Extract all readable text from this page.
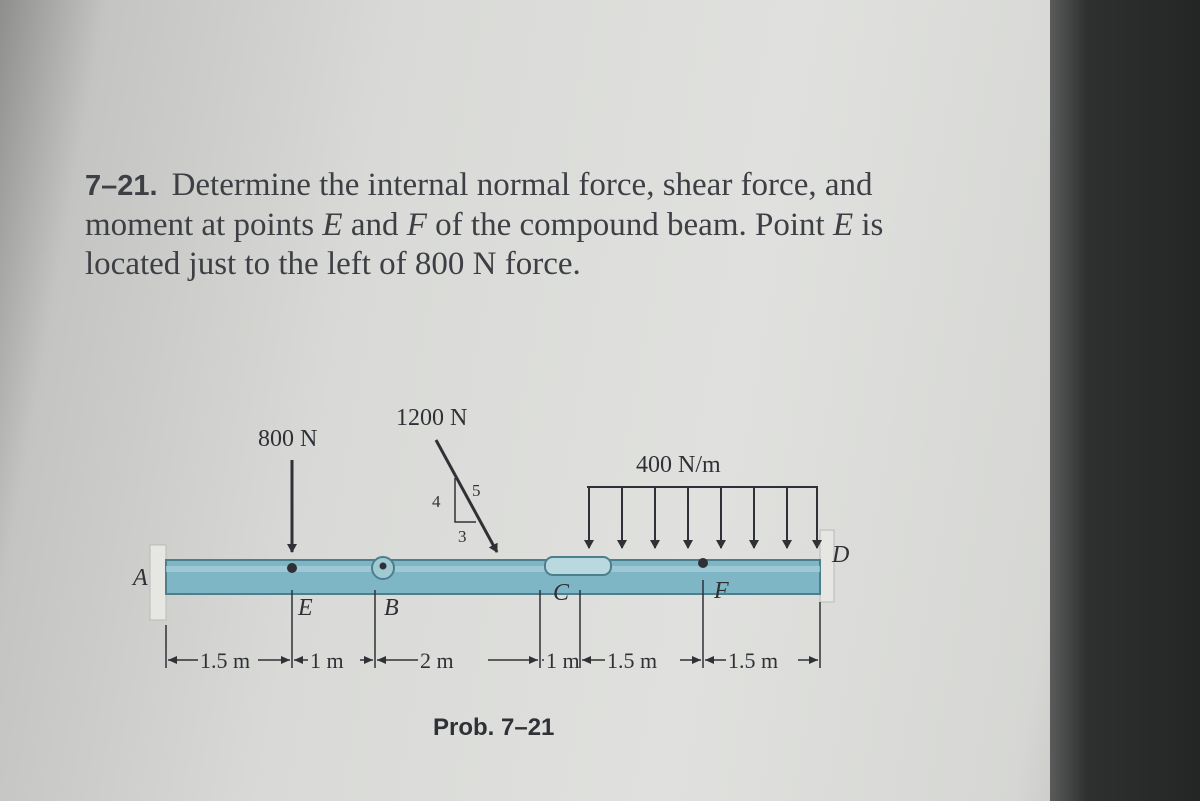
7–21. Determine the internal normal force, shear force, and moment at points E and F of the compound beam. Point E is located just to the left of 800 N force.
800 N
1200 N
4
5
3
400 N/m
A
B
C
D
E
F
1.5 m	1 m	2 m	1 m 1.5 m	1.5 m
Prob. 7–21
